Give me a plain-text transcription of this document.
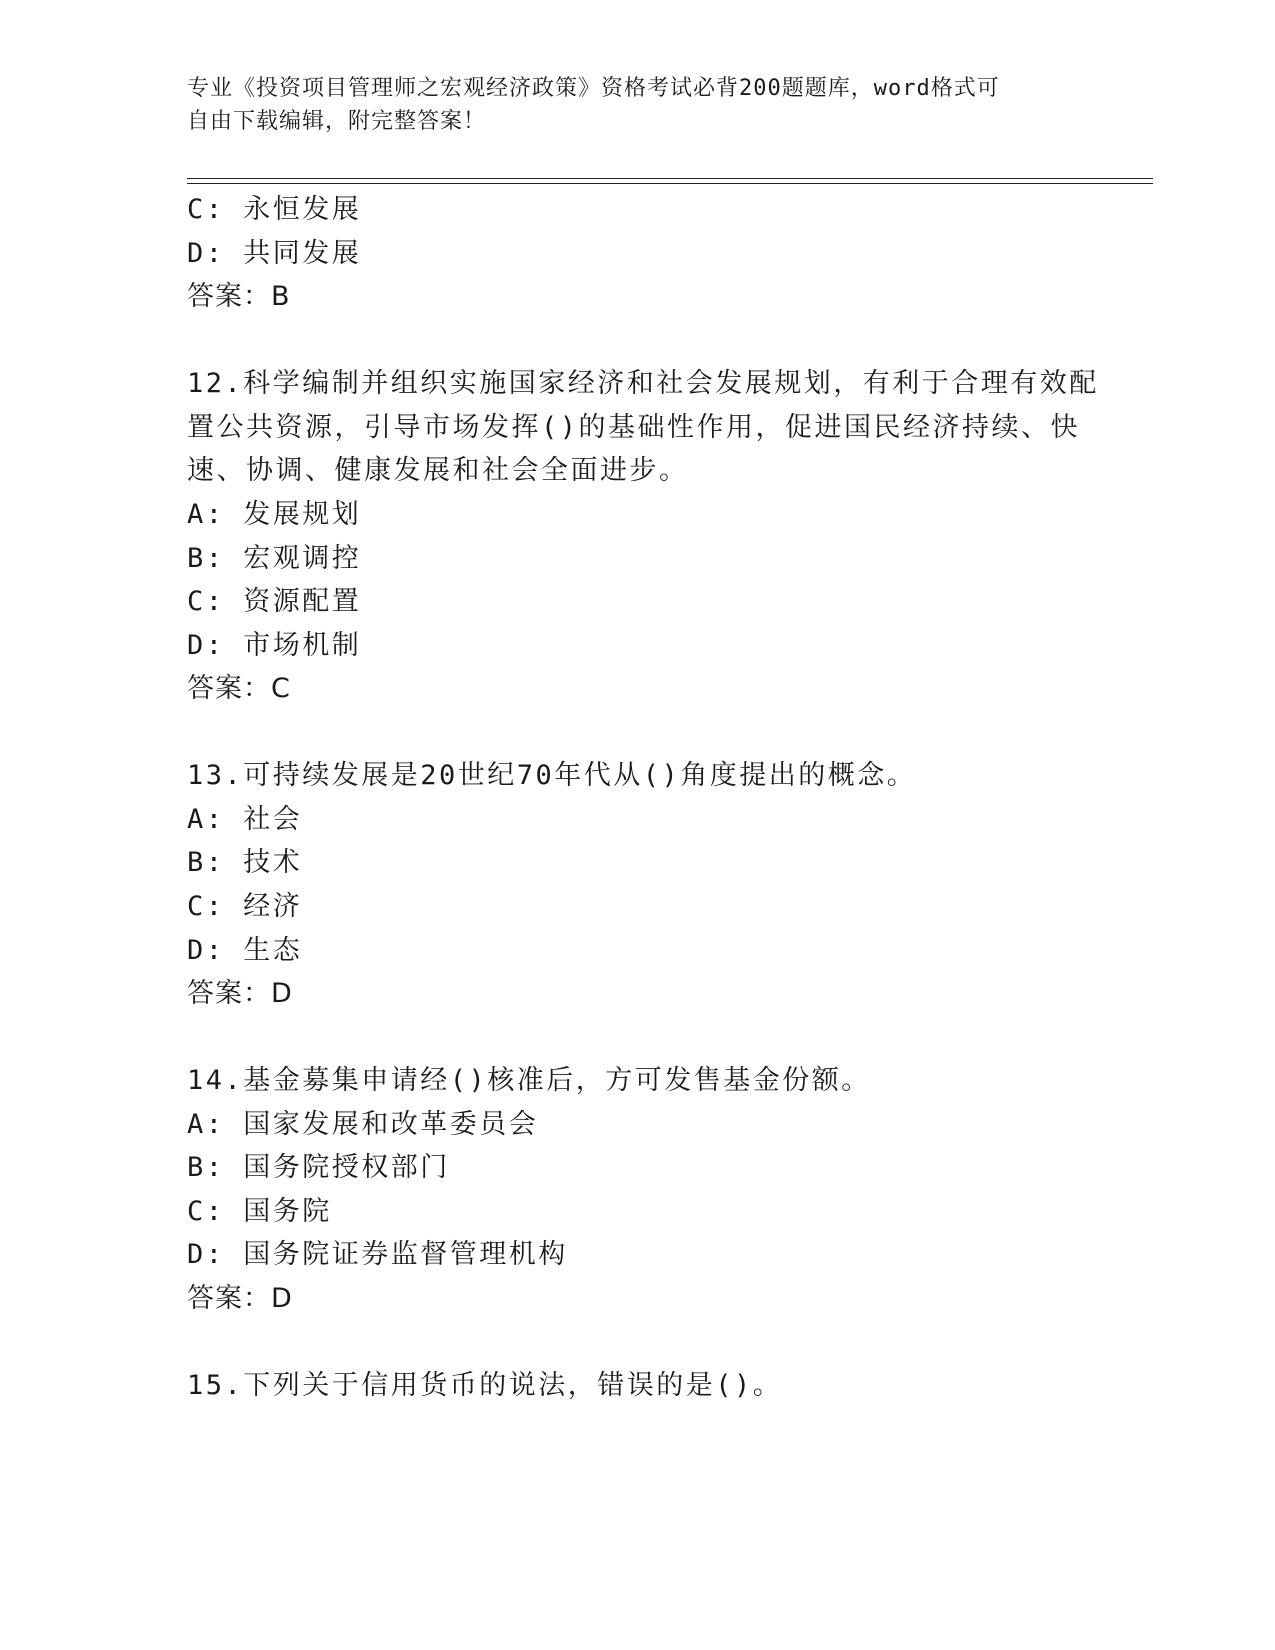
专业《投资项目管理师之宏观经济政策》资格考试必背200题题库，word格式可
自由下载编辑，附完整答案！
C: 永恒发展
D: 共同发展
答案：B
12.科学编制并组织实施国家经济和社会发展规划，有利于合理有效配
置公共资源，引导市场发挥()的基础性作用，促进国民经济持续、快
速、协调、健康发展和社会全面进步。
A: 发展规划
B: 宏观调控
C: 资源配置
D: 市场机制
答案：C
13.可持续发展是20世纪70年代从()角度提出的概念。
A: 社会
B: 技术
C: 经济
D: 生态
答案：D
14.基金募集申请经()核准后，方可发售基金份额。
A: 国家发展和改革委员会
B: 国务院授权部门
C: 国务院
D: 国务院证券监督管理机构
答案：D
15.下列关于信用货币的说法，错误的是()。
